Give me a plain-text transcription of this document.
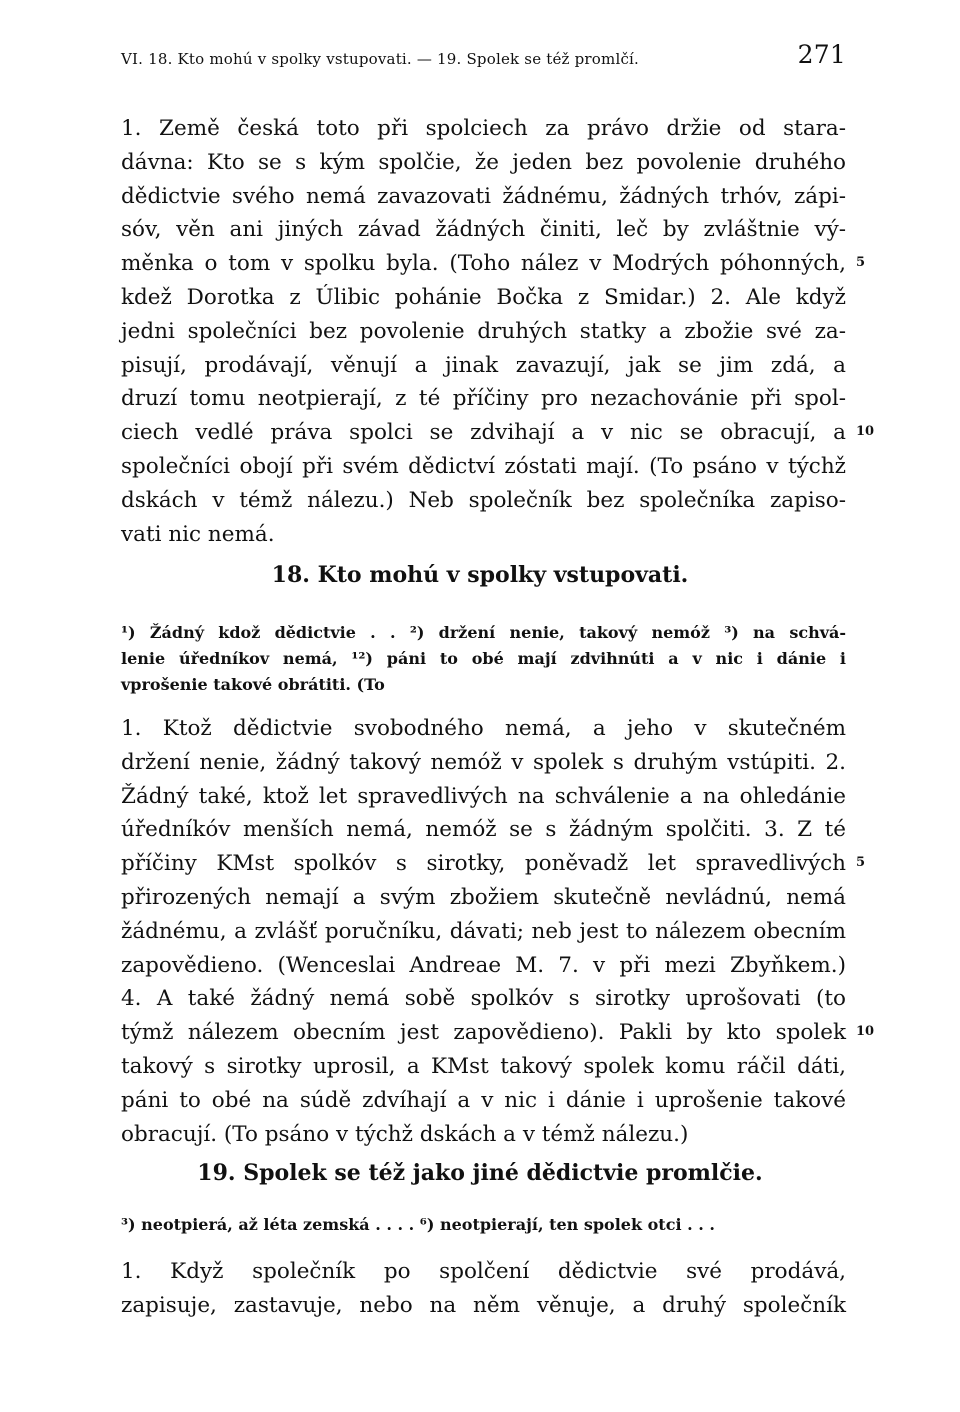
VI. 18. Kto mohú v spolky vstupovati. — 19. Spolek se též promlčí.	271
1. Země česká toto při spolciech za právo držie od stara-
dávna: Kto se s kým spolčie, že jeden bez povolenie druhého
dědictvie svého nemá zavazovati žádnému, žádných trhóv, zápi-
sóv, věn ani jiných závad žádných činiti, leč by zvláštnie vý-
měnka o tom v spolku byla. (Toho nález v Modrých póhonných,
kdež Dorotka z Úlibic pohánie Bočka z Smidar.) 2. Ale když
jedni společníci bez povolenie druhých statky a zbožie své za-
pisují, prodávají, věnují a jinak zavazují, jak se jim zdá, a
druzí tomu neotpierají, z té příčiny pro nezachovánie při spol-
ciech vedlé práva spolci se zdvihají a v nic se obracují, a
společníci obojí při svém dědictví zóstati mají. (To psáno v týchž
dskách v témž nálezu.) Neb společník bez společníka zapiso-
vati nic nemá.
5
10
18. Kto mohú v spolky vstupovati.
¹) Žádný kdož dědictvie . . ²) držení nenie, takový nemóž ³) na schvá-
lenie úředníkov nemá, ¹²) páni to obé mají zdvihnúti a v nic i dánie i
vprošenie takové obrátiti. (To
1. Ktož dědictvie svobodného nemá, a jeho v skutečném
držení nenie, žádný takový nemóž v spolek s druhým vstúpiti. 2.
Žádný také, ktož let spravedlivých na schválenie a na ohledánie
úředníkóv menších nemá, nemóž se s žádným spolčiti. 3. Z té
příčiny KMst spolkóv s sirotky, poněvadž let spravedlivých
přirozených nemají a svým zbožiem skutečně nevládnú, nemá
žádnému, a zvlášť poručníku, dávati; neb jest to nálezem obecním
zapovědieno. (Wenceslai Andreae M. 7. v při mezi Zbyňkem.)
4. A také žádný nemá sobě spolkóv s sirotky uprošovati (to
týmž nálezem obecním jest zapovědieno). Pakli by kto spolek
takový s sirotky uprosil, a KMst takový spolek komu ráčil dáti,
páni to obé na súdě zdvíhají a v nic i dánie i uprošenie takové
obracují. (To psáno v týchž dskách a v témž nálezu.)
5
10
19. Spolek se též jako jiné dědictvie promlčie.
³) neotpierá, až léta zemská . . . . ⁶) neotpierají, ten spolek otci . . .
1. Když společník po spolčení dědictvie své prodává,
zapisuje, zastavuje, nebo na něm věnuje, a druhý společník
